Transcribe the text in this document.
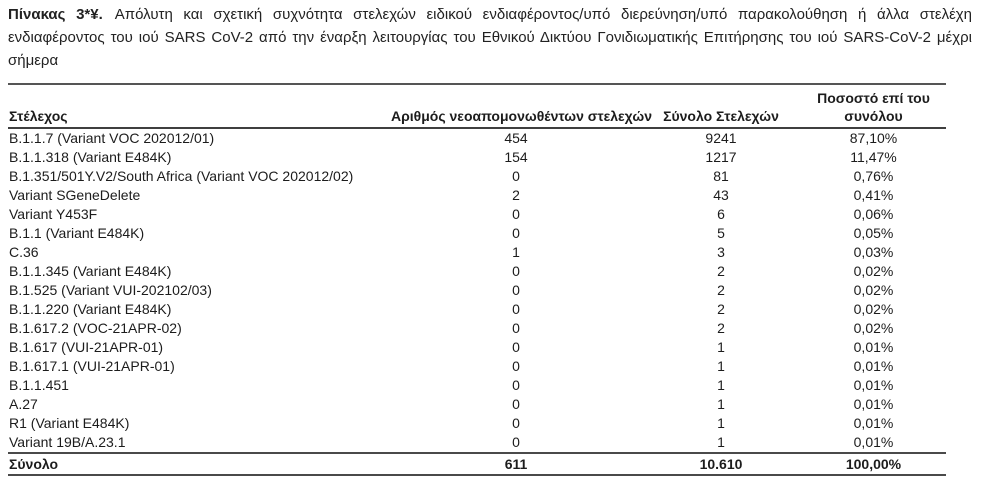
Πίνακας 3*¥. Απόλυτη και σχετική συχνότητα στελεχών ειδικού ενδιαφέροντος/υπό διερεύνηση/υπό παρακολούθηση ή άλλα στελέχη ενδιαφέροντος του ιού SARS CoV-2 από την έναρξη λειτουργίας του Εθνικού Δικτύου Γονιδιωματικής Επιτήρησης του ιού SARS-CoV-2 μέχρι σήμερα

Στέλεχος	Αριθμός νεοαπομονωθέντων στελεχών	Σύνολο Στελεχών	Ποσοστό επί του συνόλου

B.1.1.7 (Variant VOC 202012/01)	454	9241	87,10%
B.1.1.318 (Variant E484K)	154	1217	11,47%
B.1.351/501Y.V2/South Africa (Variant VOC 202012/02)	0	81	0,76%
Variant SGeneDelete	2	43	0,41%
Variant Y453F	0	6	0,06%
B.1.1 (Variant E484K)	0	5	0,05%
C.36	1	3	0,03%
B.1.1.345 (Variant E484K)	0	2	0,02%
B.1.525 (Variant VUI-202102/03)	0	2	0,02%
B.1.1.220 (Variant E484K)	0	2	0,02%
B.1.617.2 (VOC-21APR-02)	0	2	0,02%
B.1.617 (VUI-21APR-01)	0	1	0,01%
B.1.617.1 (VUI-21APR-01)	0	1	0,01%
B.1.1.451	0	1	0,01%
A.27	0	1	0,01%
R1 (Variant E484K)	0	1	0,01%
Variant 19B/A.23.1	0	1	0,01%
Σύνολο	611	10.610	100,00%
